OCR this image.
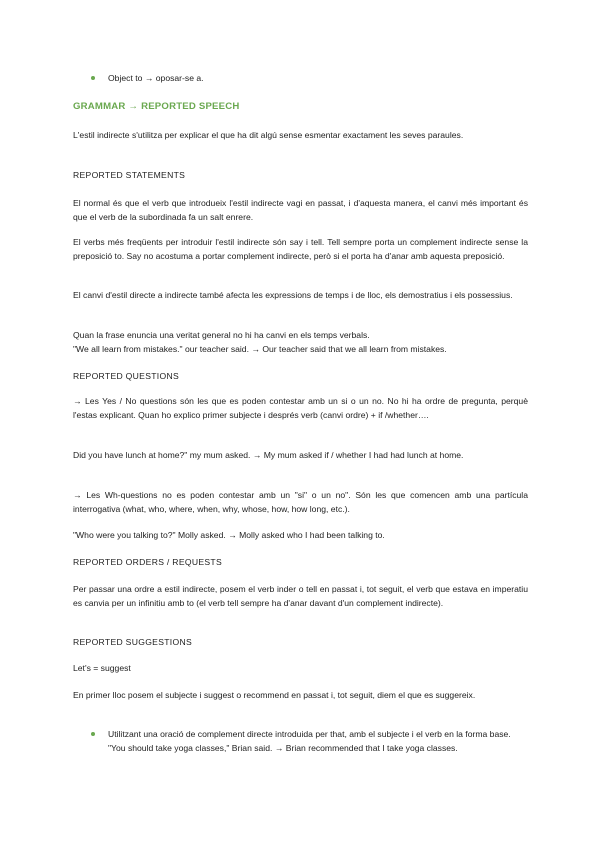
Object to → oposar-se a.
GRAMMAR → REPORTED SPEECH
L'estil indirecte s'utilitza per explicar el que ha dit algú sense esmentar exactament les seves paraules.
REPORTED STATEMENTS
El normal és que el verb que introdueix l'estil indirecte vagi en passat, i d'aquesta manera, el canvi més important és que el verb de la subordinada fa un salt enrere.
El verbs més freqüents per introduir l'estil indirecte són say i tell. Tell sempre porta un complement indirecte sense la preposició to. Say no acostuma a portar complement indirecte, però si el porta ha d'anar amb aquesta preposició.
El canvi d'estil directe a indirecte també afecta les expressions de temps i de lloc, els demostratius i els possessius.
Quan la frase enuncia una veritat general no hi ha canvi en els temps verbals.
"We all learn from mistakes." our teacher said. → Our teacher said that we all learn from mistakes.
REPORTED QUESTIONS
→ Les Yes / No questions són les que es poden contestar amb un si o un no. No hi ha ordre de pregunta, perquè l'estas explicant. Quan ho explico primer subjecte i després verb (canvi ordre) + if /whether….
Did you have lunch at home?" my mum asked. → My mum asked if / whether I had had lunch at home.
→ Les Wh-questions no es poden contestar amb un "si" o un no". Són les que comencen amb una partícula interrogativa (what, who, where, when, why, whose, how, how long, etc.).
"Who were you talking to?" Molly asked. → Molly asked who I had been talking to.
REPORTED ORDERS / REQUESTS
Per passar una ordre a estil indirecte, posem el verb inder o tell en passat i, tot seguit, el verb que estava en imperatiu es canvia per un infinitiu amb to (el verb tell sempre ha d'anar davant d'un complement indirecte).
REPORTED SUGGESTIONS
Let's = suggest
En primer lloc posem el subjecte i suggest o recommend en passat i, tot seguit, diem el que es suggereix.
Utilitzant una oració de complement directe introduida per that, amb el subjecte i el verb en la forma base.
"You should take yoga classes," Brian said. → Brian recommended that I take yoga classes.
